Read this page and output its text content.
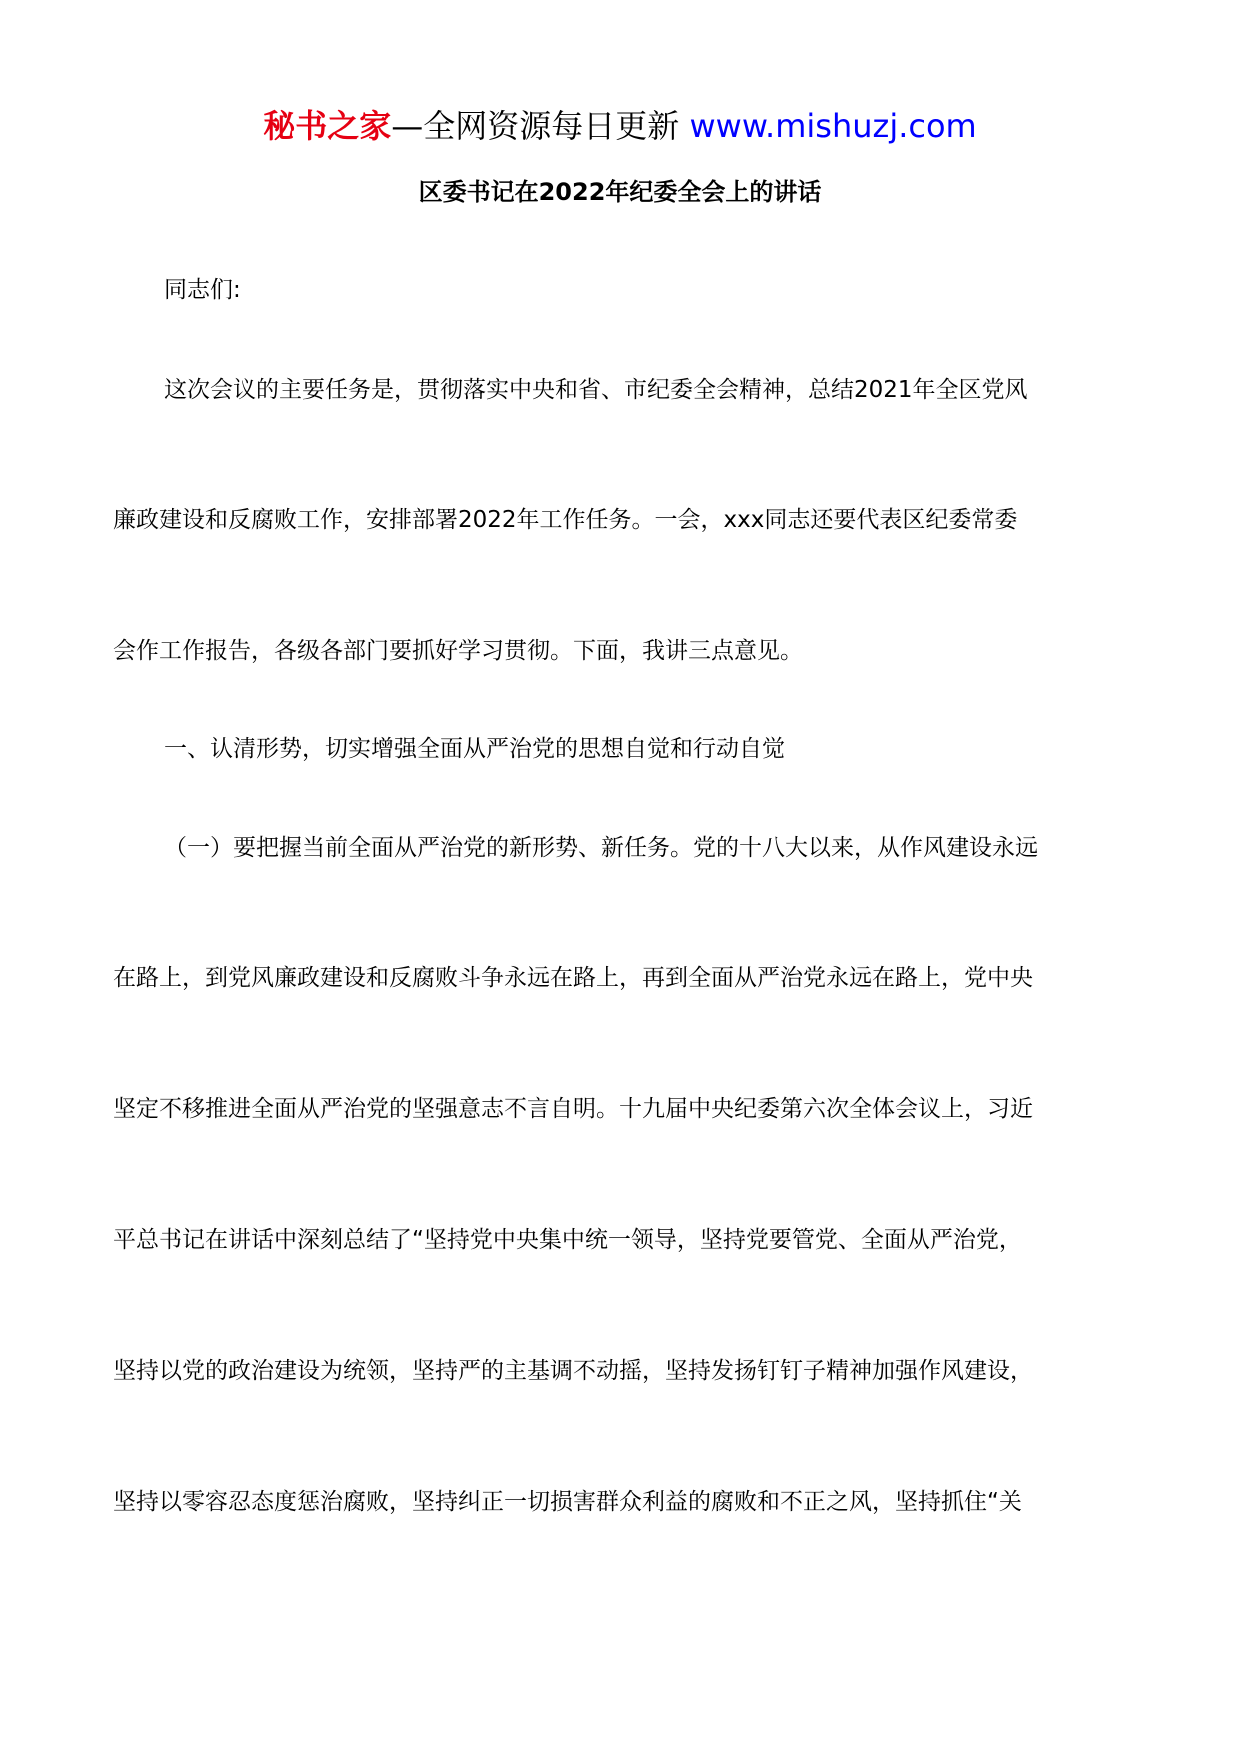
秘书之家—全网资源每日更新 www.mishuzj.com
区委书记在2022年纪委全会上的讲话
同志们:
这次会议的主要任务是，贯彻落实中央和省、市纪委全会精神，总结2021年全区党风
廉政建设和反腐败工作，安排部署2022年工作任务。一会，xxx同志还要代表区纪委常委
会作工作报告，各级各部门要抓好学习贯彻。下面，我讲三点意见。
一、认清形势，切实增强全面从严治党的思想自觉和行动自觉
（一）要把握当前全面从严治党的新形势、新任务。党的十八大以来，从作风建设永远
在路上，到党风廉政建设和反腐败斗争永远在路上，再到全面从严治党永远在路上，党中央
坚定不移推进全面从严治党的坚强意志不言自明。十九届中央纪委第六次全体会议上，习近
平总书记在讲话中深刻总结了“坚持党中央集中统一领导，坚持党要管党、全面从严治党，
坚持以党的政治建设为统领，坚持严的主基调不动摇，坚持发扬钉钉子精神加强作风建设，
坚持以零容忍态度惩治腐败，坚持纠正一切损害群众利益的腐败和不正之风，坚持抓住“关
